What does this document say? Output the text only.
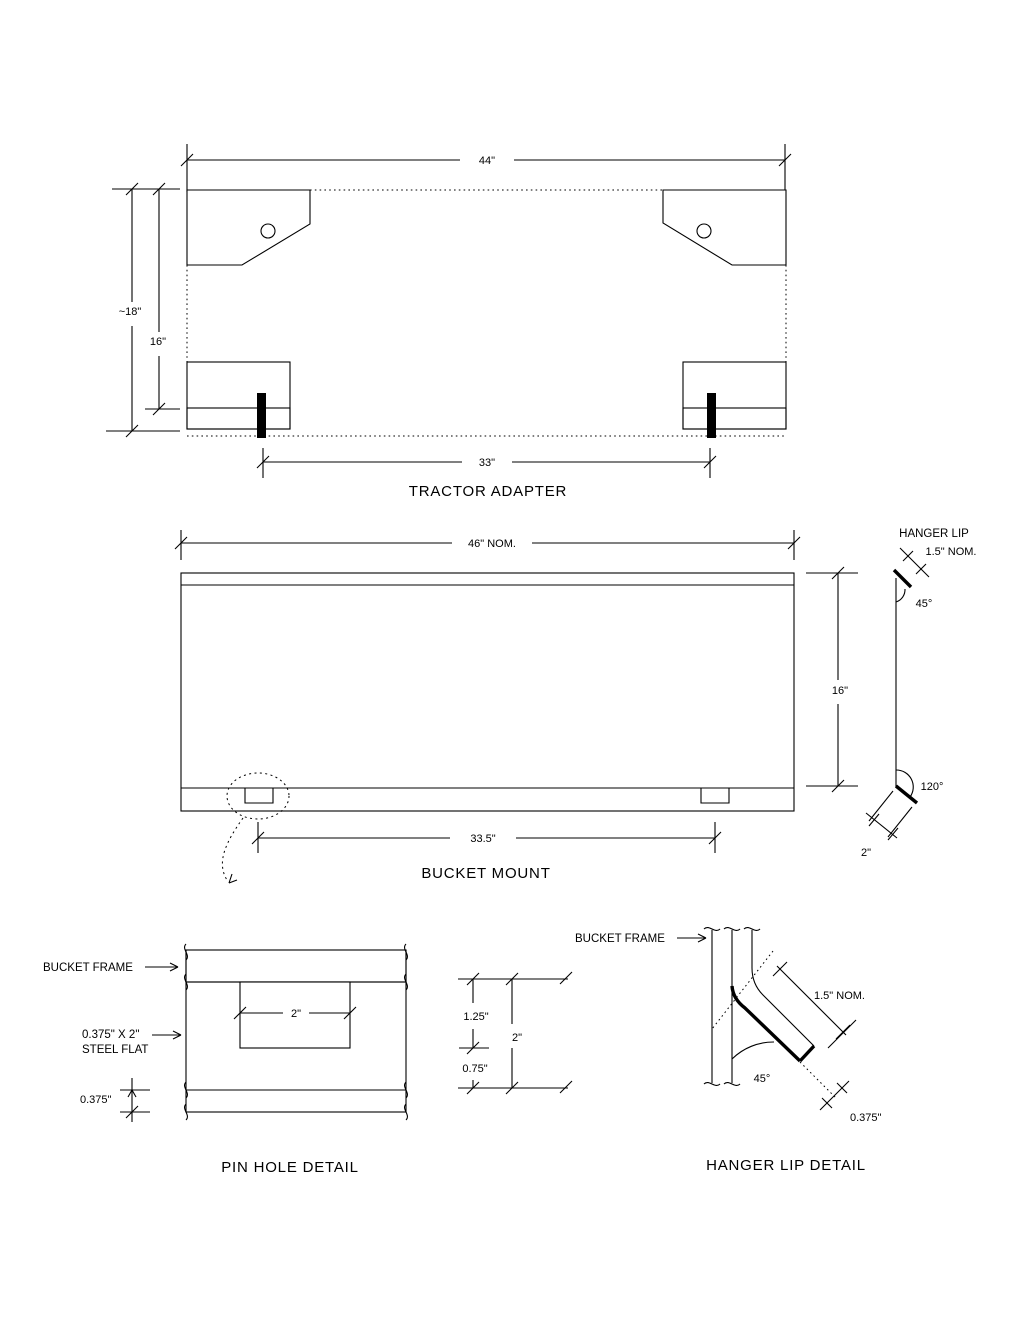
44"
~18"
16"
33"
TRACTOR ADAPTER
46" NOM.
33.5"
16"
BUCKET MOUNT
HANGER LIP
1.5" NOM.
45°
120°
2"
2"
BUCKET FRAME
0.375" X 2"
STEEL FLAT
0.375"
PIN HOLE DETAIL
1.25"
0.75"
2"
BUCKET FRAME
1.5" NOM.
45°
0.375"
HANGER LIP DETAIL
